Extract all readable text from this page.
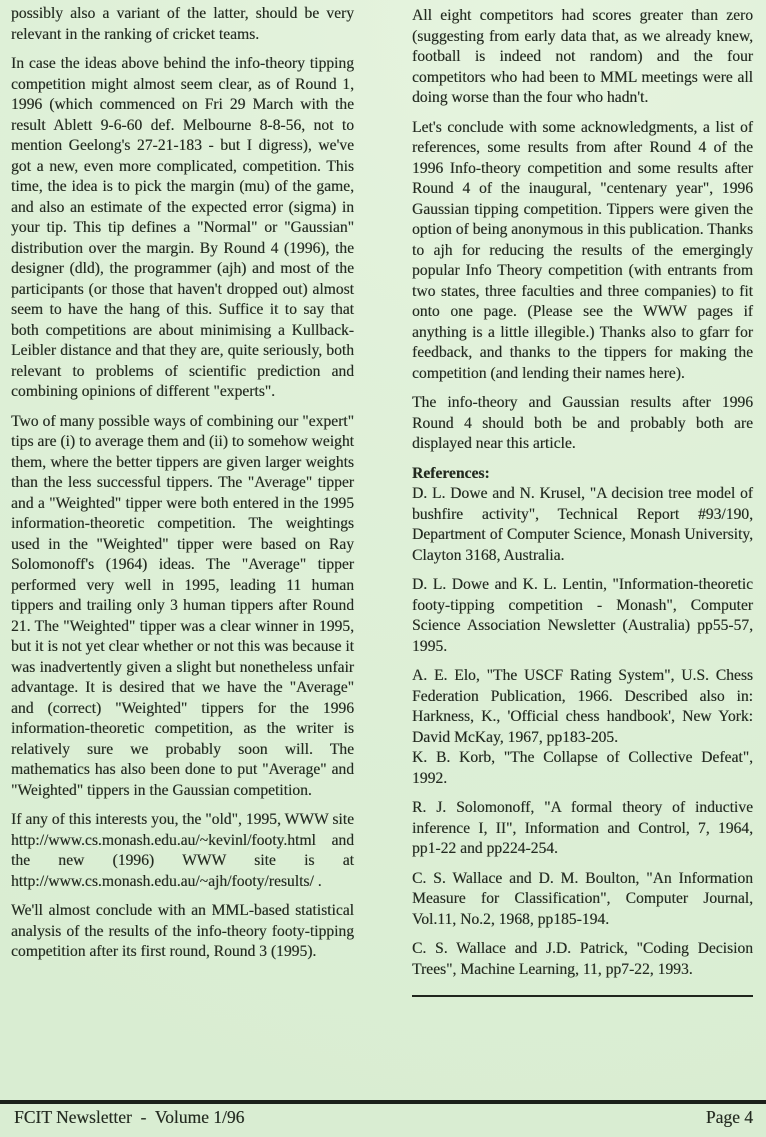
possibly also a variant of the latter, should be very relevant in the ranking of cricket teams.

In case the ideas above behind the info-theory tipping competition might almost seem clear, as of Round 1, 1996 (which commenced on Fri 29 March with the result Ablett 9-6-60 def. Melbourne 8-8-56, not to mention Geelong's 27-21-183 - but I digress), we've got a new, even more complicated, competition. This time, the idea is to pick the margin (mu) of the game, and also an estimate of the expected error (sigma) in your tip. This tip defines a "Normal" or "Gaussian" distribution over the margin. By Round 4 (1996), the designer (dld), the programmer (ajh) and most of the participants (or those that haven't dropped out) almost seem to have the hang of this. Suffice it to say that both competitions are about minimising a Kullback-Leibler distance and that they are, quite seriously, both relevant to problems of scientific prediction and combining opinions of different "experts".

Two of many possible ways of combining our "expert" tips are (i) to average them and (ii) to somehow weight them, where the better tippers are given larger weights than the less successful tippers. The "Average" tipper and a "Weighted" tipper were both entered in the 1995 information-theoretic competition. The weightings used in the "Weighted" tipper were based on Ray Solomonoff's (1964) ideas. The "Average" tipper performed very well in 1995, leading 11 human tippers and trailing only 3 human tippers after Round 21. The "Weighted" tipper was a clear winner in 1995, but it is not yet clear whether or not this was because it was inadvertently given a slight but nonetheless unfair advantage. It is desired that we have the "Average" and (correct) "Weighted" tippers for the 1996 information-theoretic competition, as the writer is relatively sure we probably soon will. The mathematics has also been done to put "Average" and "Weighted" tippers in the Gaussian competition.

If any of this interests you, the "old", 1995, WWW site http://www.cs.monash.edu.au/~kevinl/footy.html and the new (1996) WWW site is at http://www.cs.monash.edu.au/~ajh/footy/results/ .

We'll almost conclude with an MML-based statistical analysis of the results of the info-theory footy-tipping competition after its first round, Round 3 (1995).

All eight competitors had scores greater than zero (suggesting from early data that, as we already knew, football is indeed not random) and the four competitors who had been to MML meetings were all doing worse than the four who hadn't.

Let's conclude with some acknowledgments, a list of references, some results from after Round 4 of the 1996 Info-theory competition and some results after Round 4 of the inaugural, "centenary year", 1996 Gaussian tipping competition. Tippers were given the option of being anonymous in this publication. Thanks to ajh for reducing the results of the emergingly popular Info Theory competition (with entrants from two states, three faculties and three companies) to fit onto one page. (Please see the WWW pages if anything is a little illegible.) Thanks also to gfarr for feedback, and thanks to the tippers for making the competition (and lending their names here).

The info-theory and Gaussian results after 1996 Round 4 should both be and probably both are displayed near this article.

References:

D. L. Dowe and N. Krusel, "A decision tree model of bushfire activity", Technical Report #93/190, Department of Computer Science, Monash University, Clayton 3168, Australia.

D. L. Dowe and K. L. Lentin, "Information-theoretic footy-tipping competition - Monash", Computer Science Association Newsletter (Australia) pp55-57, 1995.

A. E. Elo, "The USCF Rating System", U.S. Chess Federation Publication, 1966. Described also in: Harkness, K., 'Official chess handbook', New York: David McKay, 1967, pp183-205.

K. B. Korb, "The Collapse of Collective Defeat", 1992.

R. J. Solomonoff, "A formal theory of inductive inference I, II", Information and Control, 7, 1964, pp1-22 and pp224-254.

C. S. Wallace and D. M. Boulton, "An Information Measure for Classification", Computer Journal, Vol.11, No.2, 1968, pp185-194.

C. S. Wallace and J.D. Patrick, "Coding Decision Trees", Machine Learning, 11, pp7-22, 1993.

FCIT Newsletter  -  Volume 1/96	Page 4
